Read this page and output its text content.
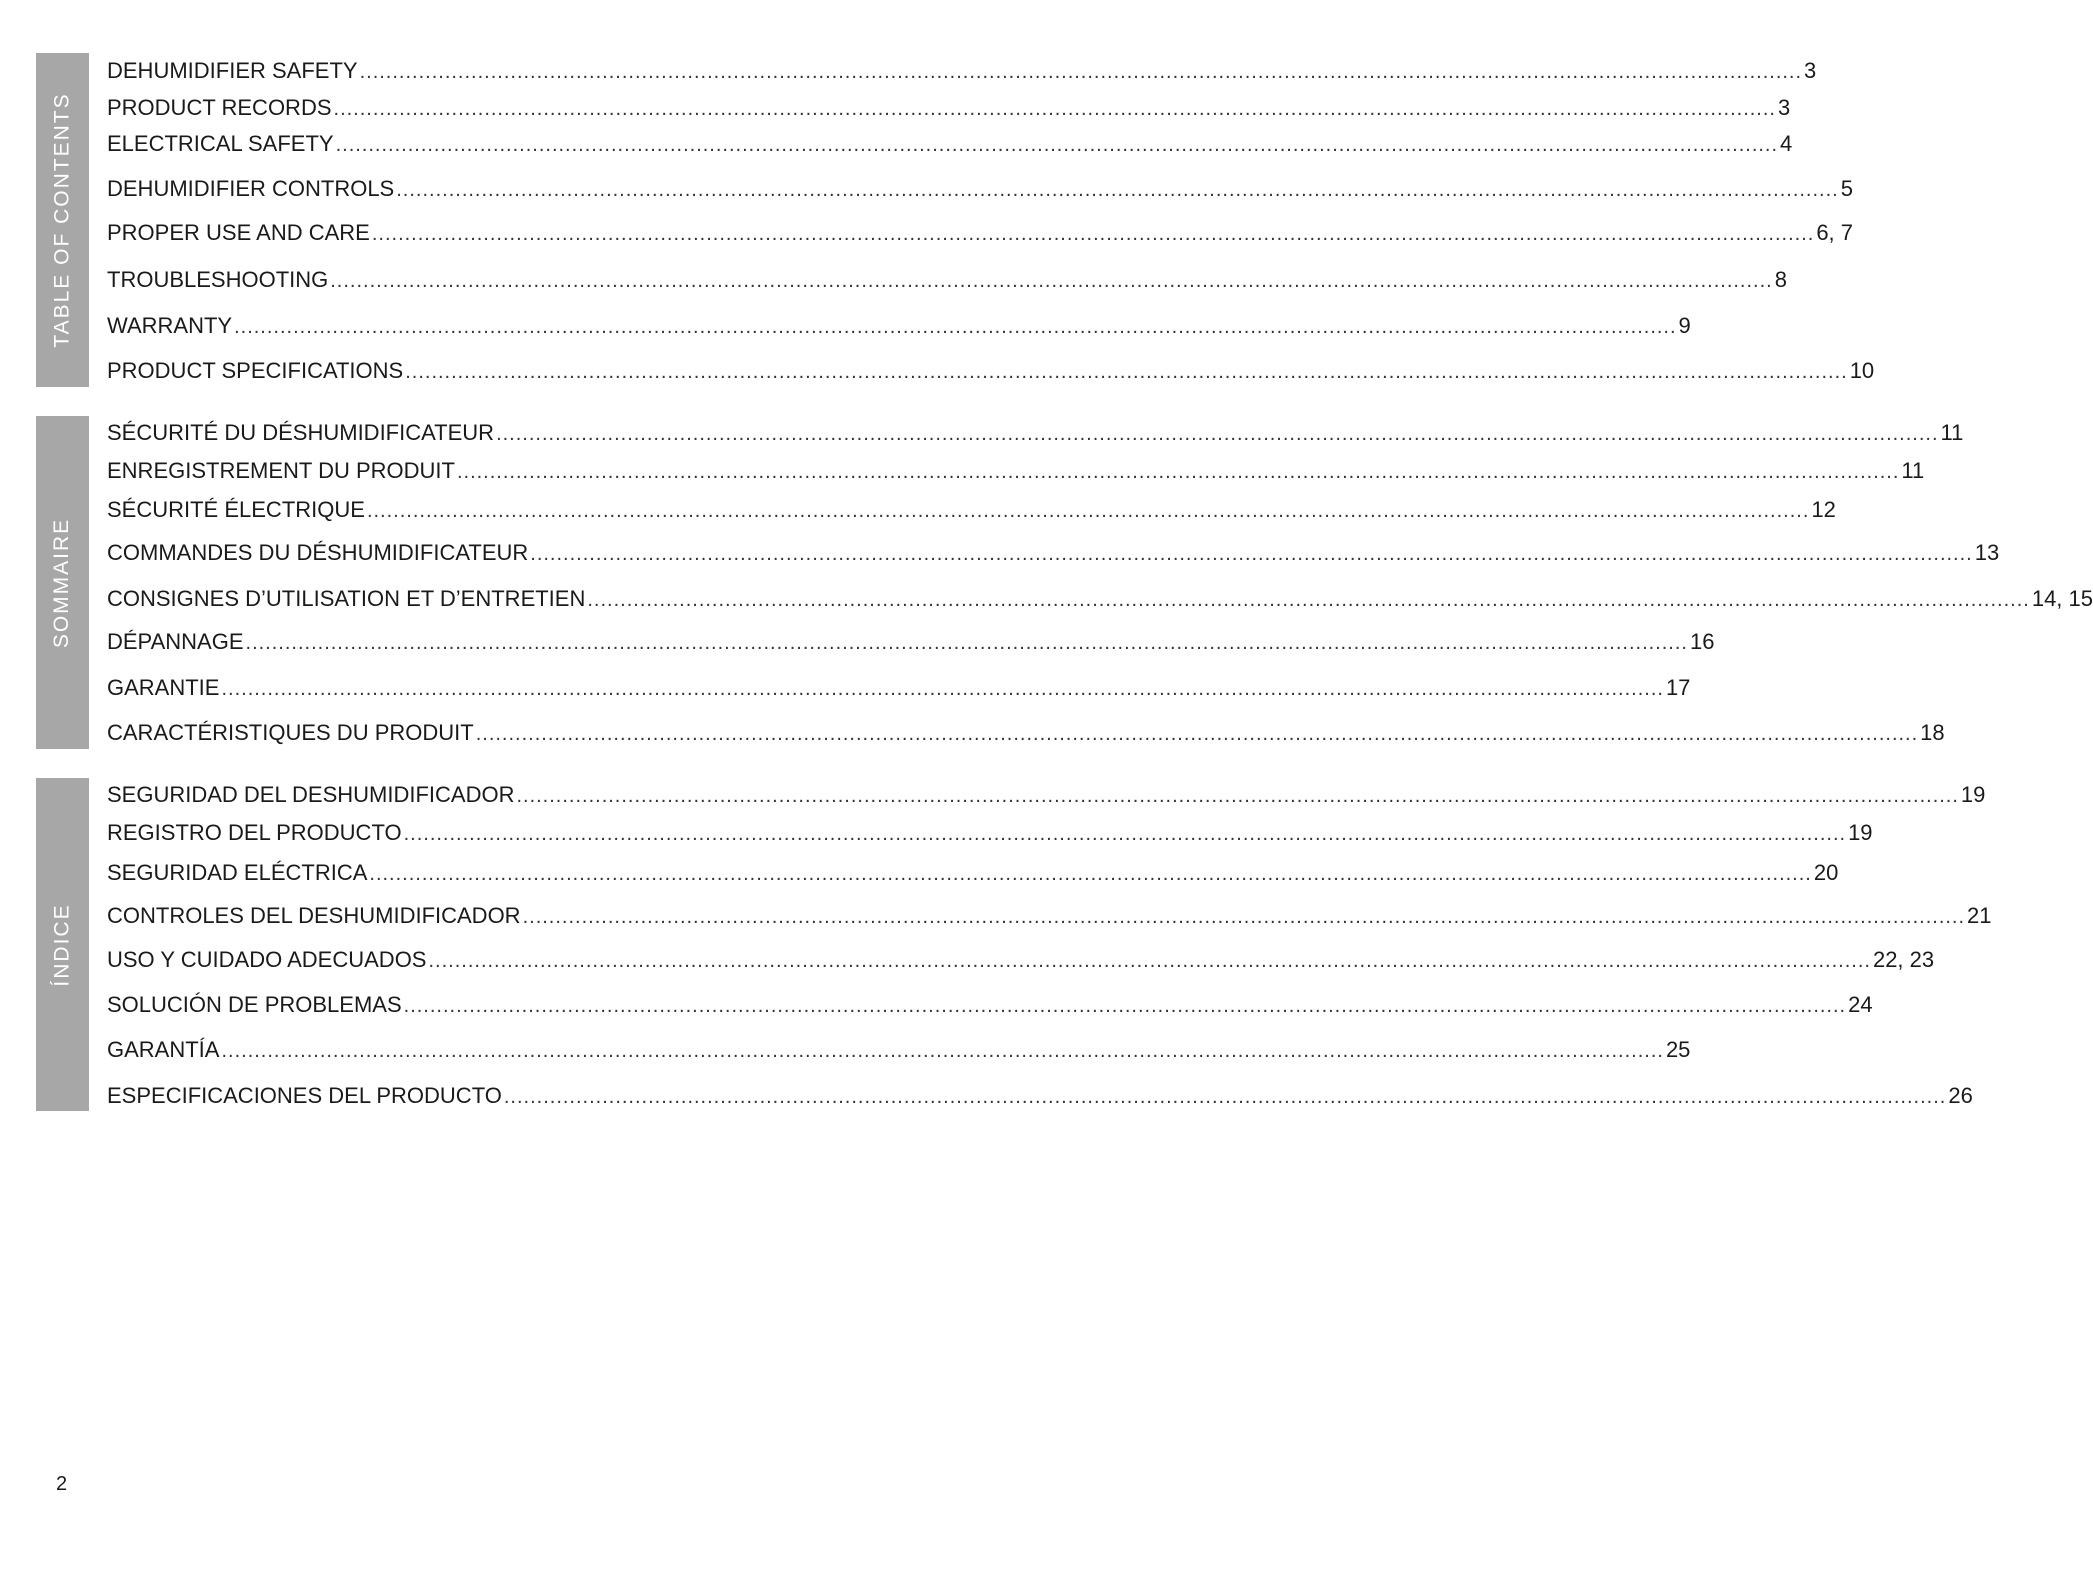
TABLE OF CONTENTS
DEHUMIDIFIER SAFETY ............................................................................................................................................................................................................................ 3
PRODUCT RECORDS ............................................................................................................................................................................................................................ 3
ELECTRICAL SAFETY ............................................................................................................................................................................................................................ 4
DEHUMIDIFIER CONTROLS ............................................................................................................................................................................................................................ 5
PROPER USE AND CARE ............................................................................................................................................................................................................................ 6, 7
TROUBLESHOOTING ............................................................................................................................................................................................................................ 8
WARRANTY ............................................................................................................................................................................................................................ 9
PRODUCT SPECIFICATIONS ............................................................................................................................................................................................................................ 10
SOMMAIRE
SÉCURITÉ DU DÉSHUMIDIFICATEUR ............................................................................................................................................................................................................................ 11
ENREGISTREMENT DU PRODUIT ............................................................................................................................................................................................................................ 11
SÉCURITÉ ÉLECTRIQUE ............................................................................................................................................................................................................................ 12
COMMANDES DU DÉSHUMIDIFICATEUR ............................................................................................................................................................................................................................ 13
CONSIGNES D’UTILISATION ET D’ENTRETIEN ............................................................................................................................................................................................................................ 14, 15
DÉPANNAGE ............................................................................................................................................................................................................................ 16
GARANTIE ............................................................................................................................................................................................................................ 17
CARACTÉRISTIQUES DU PRODUIT ............................................................................................................................................................................................................................ 18
ÍNDICE
SEGURIDAD DEL DESHUMIDIFICADOR ............................................................................................................................................................................................................................ 19
REGISTRO DEL PRODUCTO ............................................................................................................................................................................................................................ 19
SEGURIDAD ELÉCTRICA ............................................................................................................................................................................................................................ 20
CONTROLES DEL DESHUMIDIFICADOR ............................................................................................................................................................................................................................ 21
USO Y CUIDADO ADECUADOS ............................................................................................................................................................................................................................ 22, 23
SOLUCIÓN DE PROBLEMAS ............................................................................................................................................................................................................................ 24
GARANTÍA ............................................................................................................................................................................................................................ 25
ESPECIFICACIONES DEL PRODUCTO ............................................................................................................................................................................................................................ 26
2
